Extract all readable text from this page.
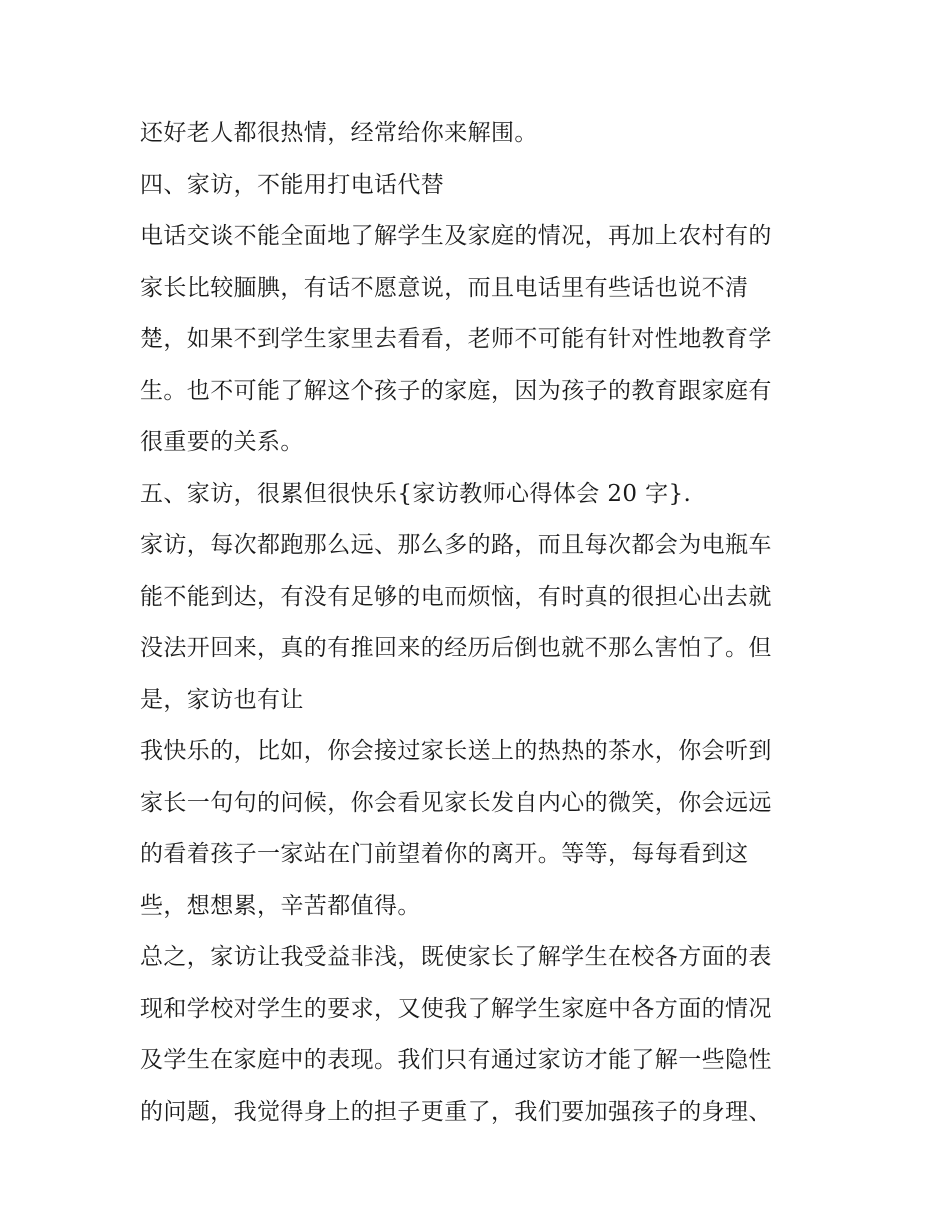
还好老人都很热情，经常给你来解围。
四、家访，不能用打电话代替
电话交谈不能全面地了解学生及家庭的情况，再加上农村有的
家长比较腼腆，有话不愿意说，而且电话里有些话也说不清
楚，如果不到学生家里去看看，老师不可能有针对性地教育学
生。也不可能了解这个孩子的家庭，因为孩子的教育跟家庭有
很重要的关系。
五、家访，很累但很快乐{家访教师心得体会 20 字}.
家访，每次都跑那么远、那么多的路，而且每次都会为电瓶车
能不能到达，有没有足够的电而烦恼，有时真的很担心出去就
没法开回来，真的有推回来的经历后倒也就不那么害怕了。但
是，家访也有让
我快乐的，比如，你会接过家长送上的热热的茶水，你会听到
家长一句句的问候，你会看见家长发自内心的微笑，你会远远
的看着孩子一家站在门前望着你的离开。等等，每每看到这
些，想想累，辛苦都值得。
总之，家访让我受益非浅，既使家长了解学生在校各方面的表
现和学校对学生的要求，又使我了解学生家庭中各方面的情况
及学生在家庭中的表现。我们只有通过家访才能了解一些隐性
的问题，我觉得身上的担子更重了，我们要加强孩子的身理、
